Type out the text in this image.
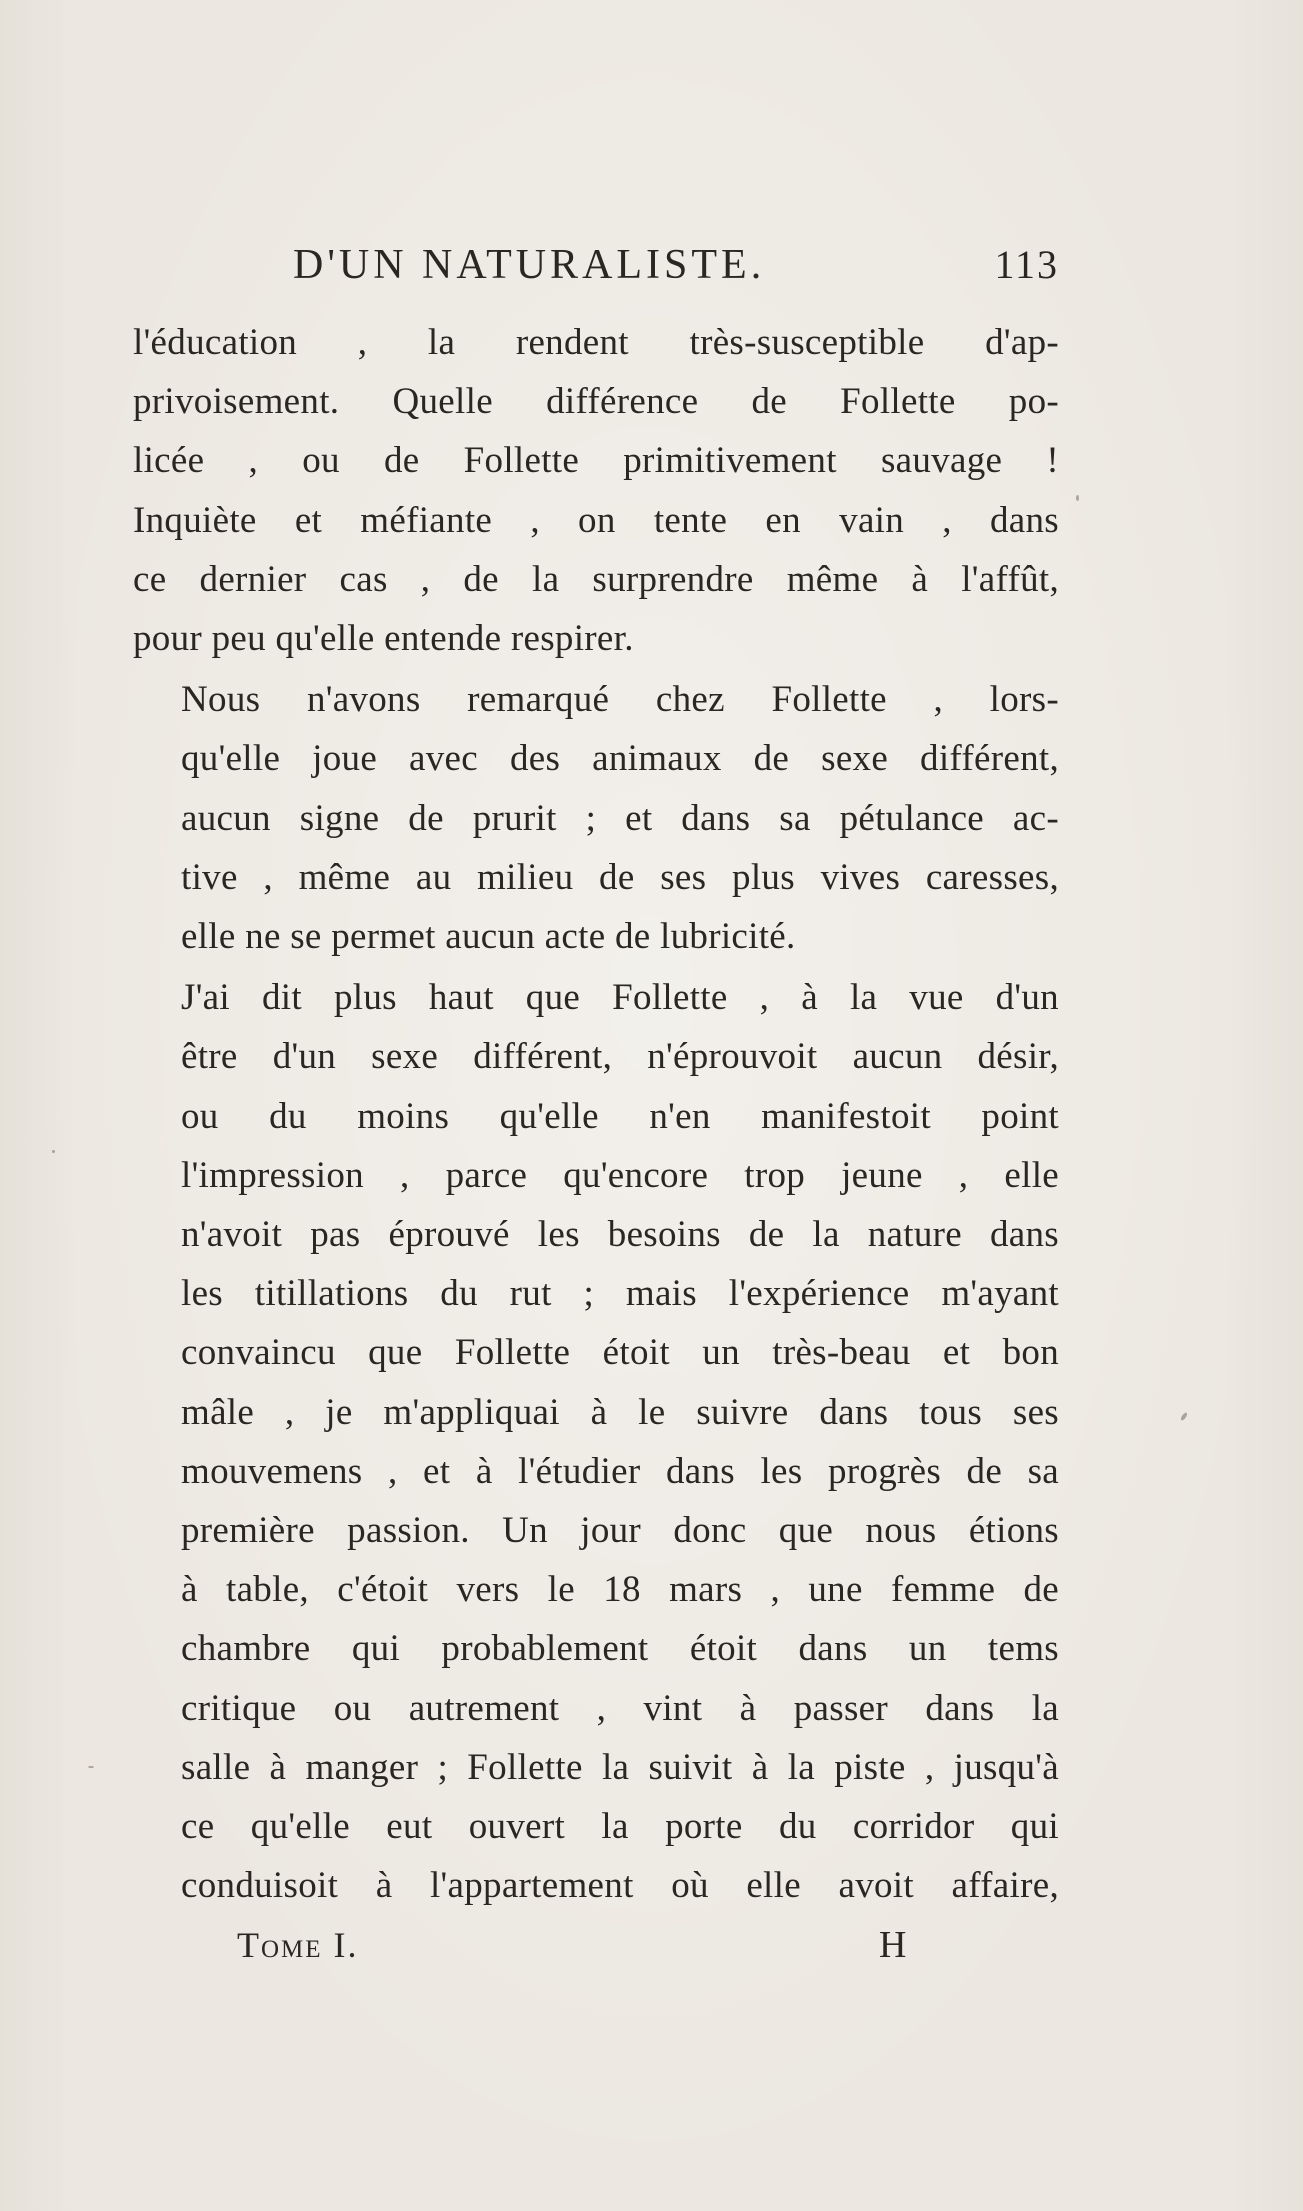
D'UN NATURALISTE.	113

l'éducation , la rendent très-susceptible d'ap-
privoisement. Quelle différence de Follette po-
licée , ou de Follette primitivement sauvage !
Inquiète et méfiante , on tente en vain , dans
ce dernier cas , de la surprendre même à l'affût,
pour peu qu'elle entende respirer.

Nous n'avons remarqué chez Follette , lors-
qu'elle joue avec des animaux de sexe différent,
aucun signe de prurit ; et dans sa pétulance ac-
tive , même au milieu de ses plus vives caresses,
elle ne se permet aucun acte de lubricité.

J'ai dit plus haut que Follette , à la vue d'un
être d'un sexe différent, n'éprouvoit aucun désir,
ou du moins qu'elle n'en manifestoit point
l'impression , parce qu'encore trop jeune , elle
n'avoit pas éprouvé les besoins de la nature dans
les titillations du rut ; mais l'expérience m'ayant
convaincu que Follette étoit un très-beau et bon
mâle , je m'appliquai à le suivre dans tous ses
mouvemens , et à l'étudier dans les progrès de sa
première passion. Un jour donc que nous étions
à table, c'étoit vers le 18 mars , une femme de
chambre qui probablement étoit dans un tems
critique ou autrement , vint à passer dans la
salle à manger ; Follette la suivit à la piste , jusqu'à
ce qu'elle eut ouvert la porte du corridor qui
conduisoit à l'appartement où elle avoit affaire,

Tome I.	H
